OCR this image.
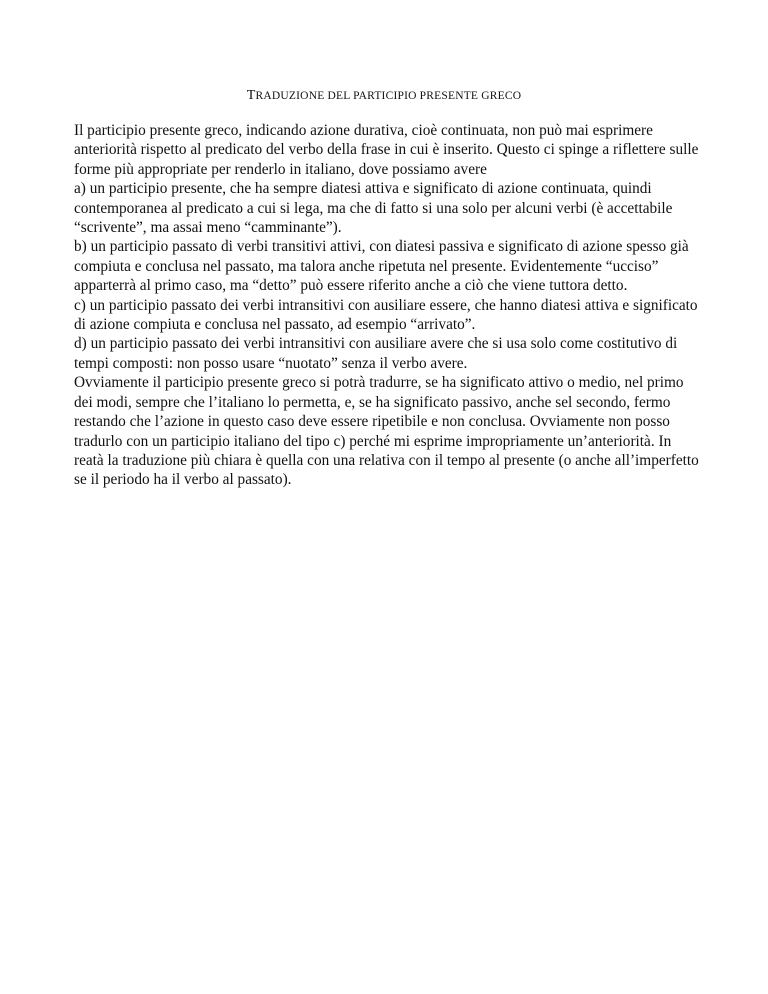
TRADUZIONE DEL PARTICIPIO PRESENTE GRECO

Il participio presente greco, indicando azione durativa, cioè continuata, non può mai esprimere anteriorità rispetto al predicato del verbo della frase in cui è inserito. Questo ci spinge a riflettere sulle forme più appropriate per renderlo in italiano, dove possiamo avere

a) un participio presente, che ha sempre diatesi attiva e significato di azione continuata, quindi contemporanea al predicato a cui si lega, ma che di fatto si una solo per alcuni verbi (è accettabile “scrivente”, ma assai meno “camminante”).

b) un participio passato di verbi transitivi attivi, con diatesi passiva e significato di azione spesso già compiuta e conclusa nel passato, ma talora anche ripetuta nel presente. Evidentemente “ucciso” apparterrà al primo caso, ma “detto” può essere riferito anche a ciò che viene tuttora detto.

c) un participio passato dei verbi intransitivi con ausiliare essere, che hanno diatesi attiva e significato di azione compiuta e conclusa nel passato, ad esempio “arrivato”.

d) un participio passato dei verbi intransitivi con ausiliare avere che si usa solo come costitutivo di tempi composti: non posso usare “nuotato” senza il verbo avere.

Ovviamente il participio presente greco si potrà tradurre, se ha significato attivo o medio, nel primo dei modi, sempre che l’italiano lo permetta, e, se ha significato passivo, anche sel secondo, fermo restando che l’azione in questo caso deve essere ripetibile e non conclusa. Ovviamente non posso tradurlo con un participio italiano del tipo c) perché mi esprime impropriamente un’anteriorità. In reatà la traduzione più chiara è quella con una relativa con il tempo al presente (o anche all’imperfetto se il periodo ha il verbo al passato).
